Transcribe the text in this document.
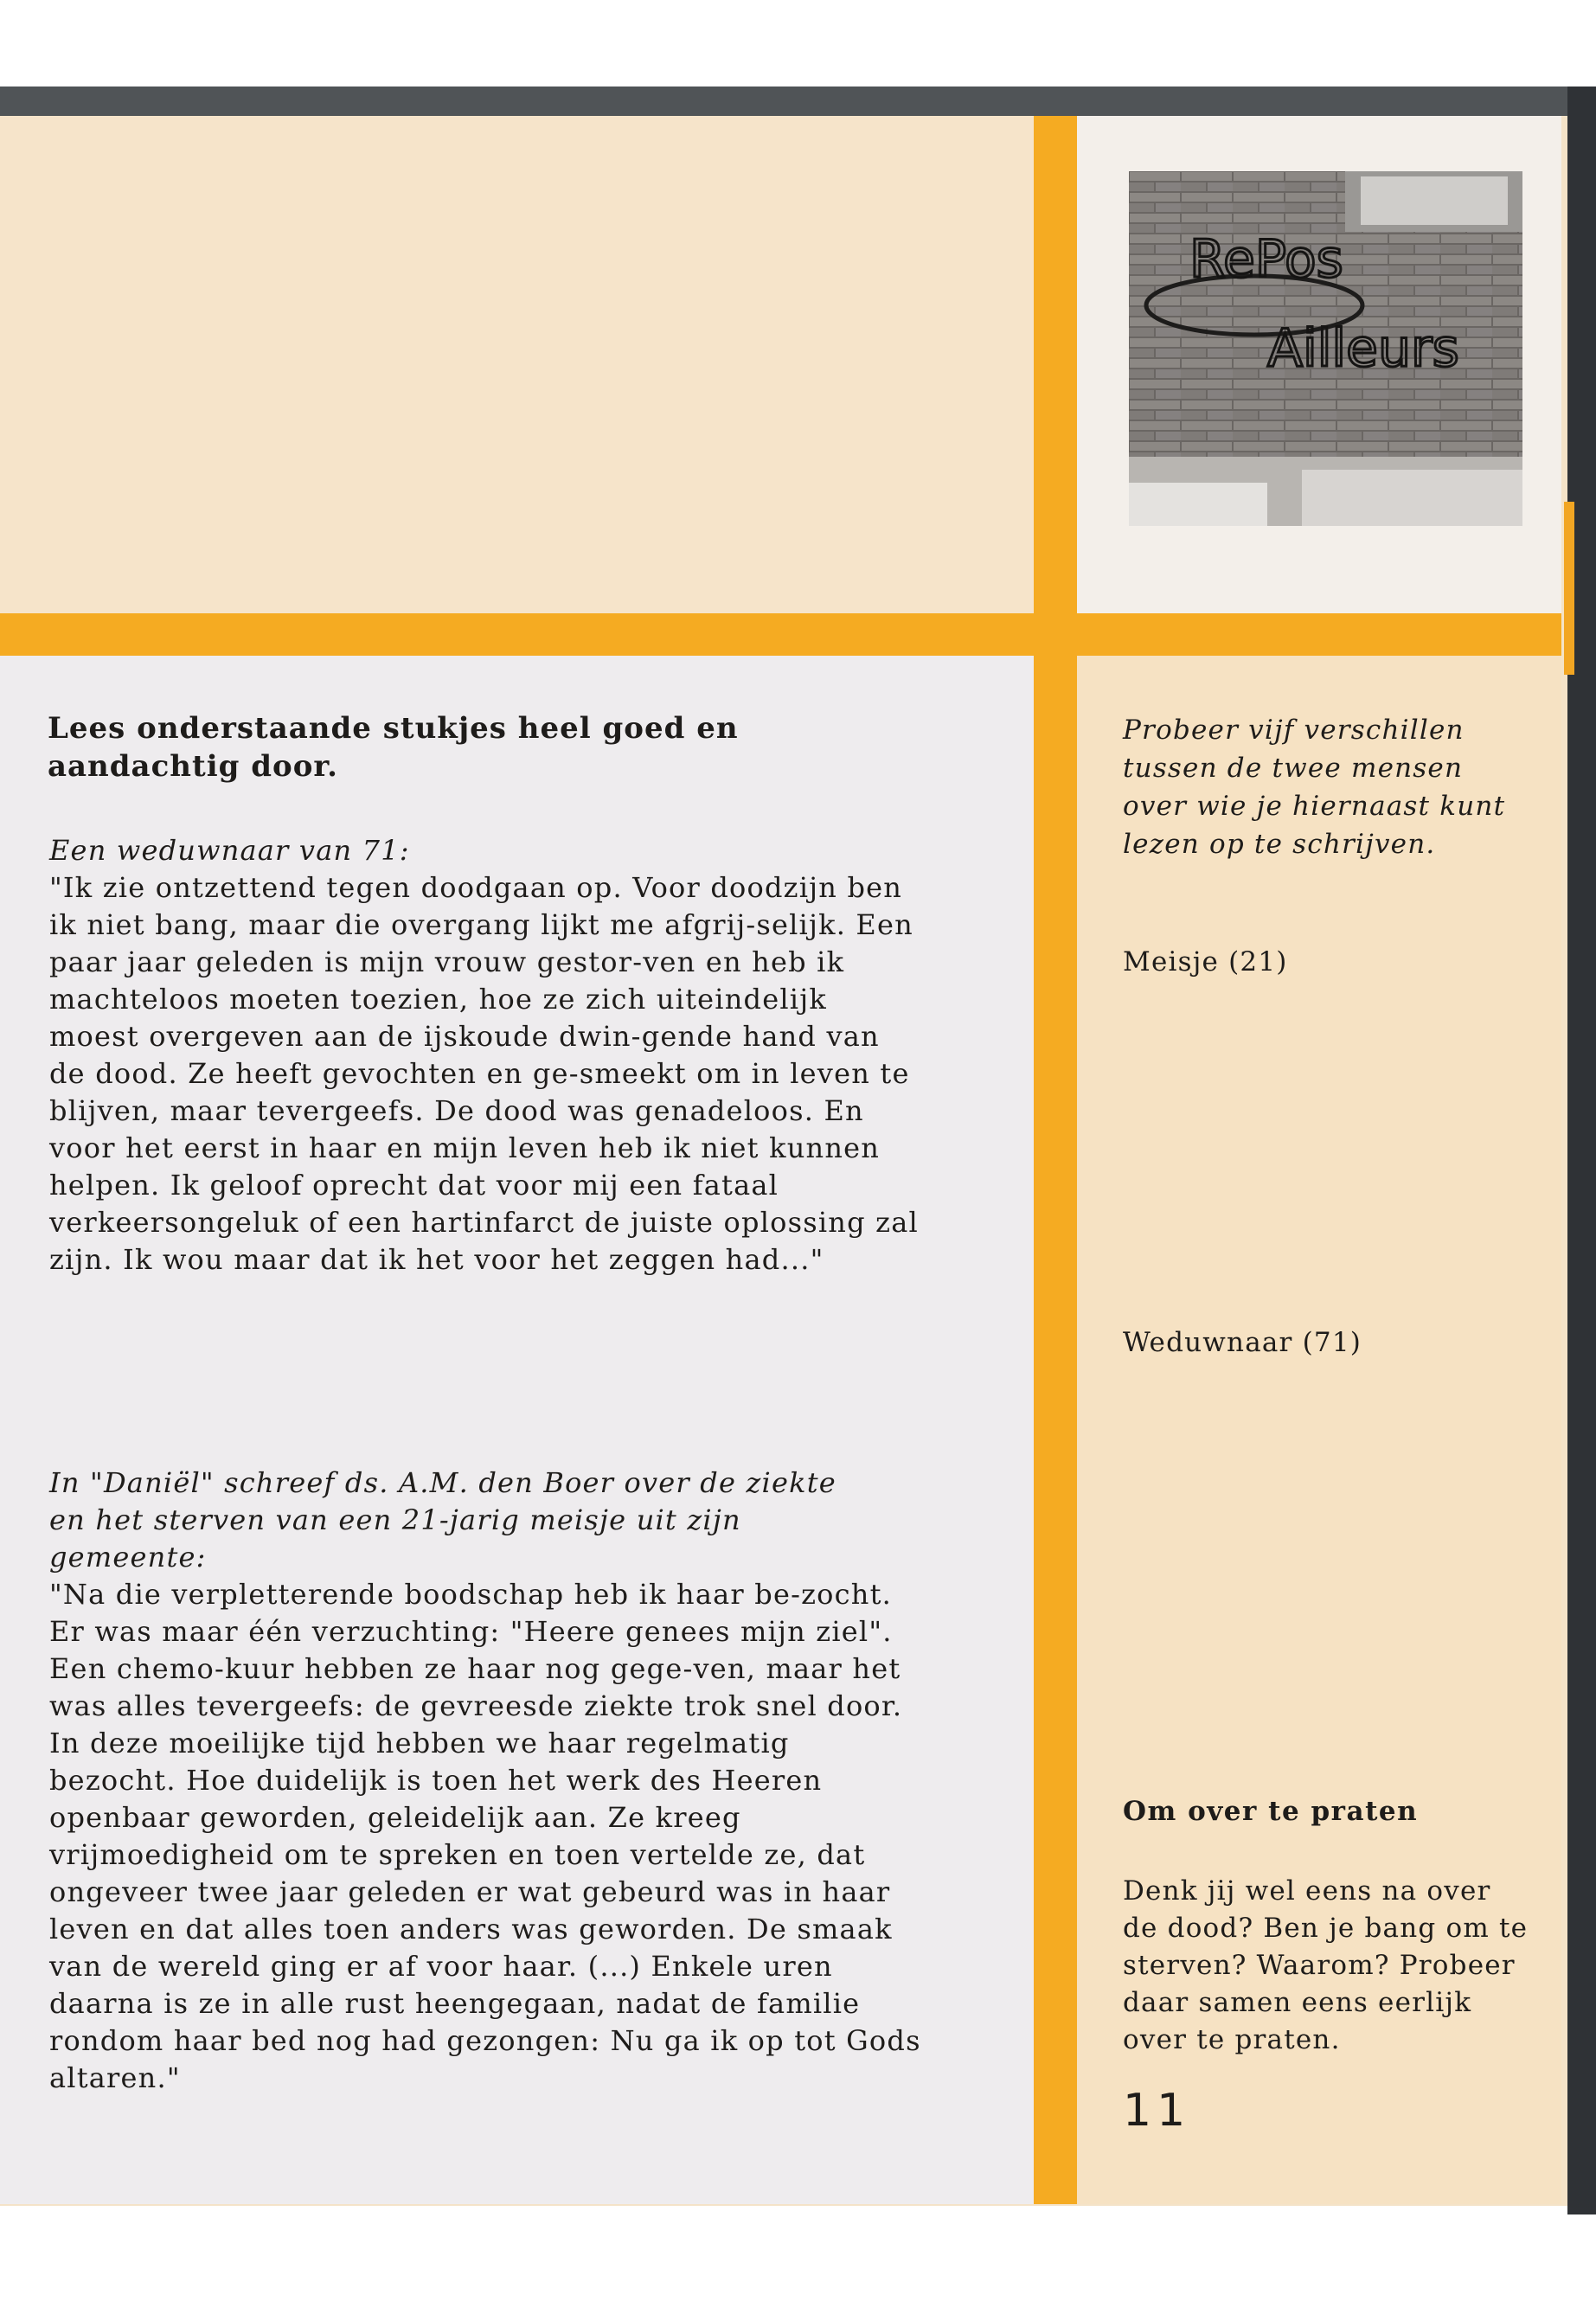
RePos
Ailleurs
Lees onderstaande stukjes heel goed en aandachtig door.
Een weduwnaar van 71:
"Ik zie ontzettend tegen doodgaan op. Voor doodzijn ben ik niet bang, maar die overgang lijkt me afgrij-selijk. Een paar jaar geleden is mijn vrouw gestor-ven en heb ik machteloos moeten toezien, hoe ze zich uiteindelijk moest overgeven aan de ijskoude dwin-gende hand van de dood. Ze heeft gevochten en ge-smeekt om in leven te blijven, maar tevergeefs. De dood was genadeloos. En voor het eerst in haar en mijn leven heb ik niet kunnen helpen. Ik geloof oprecht dat voor mij een fataal verkeersongeluk of een hartinfarct de juiste oplossing zal zijn. Ik wou maar dat ik het voor het zeggen had..."
In "Daniël" schreef ds. A.M. den Boer over de ziekte en het sterven van een 21-jarig meisje uit zijn gemeente:
"Na die verpletterende boodschap heb ik haar be-zocht. Er was maar één verzuchting: "Heere genees mijn ziel". Een chemo-kuur hebben ze haar nog gege-ven, maar het was alles tevergeefs: de gevreesde ziekte trok snel door. In deze moeilijke tijd hebben we haar regelmatig bezocht. Hoe duidelijk is toen het werk des Heeren openbaar geworden, geleidelijk aan. Ze kreeg vrijmoedigheid om te spreken en toen vertelde ze, dat ongeveer twee jaar geleden er wat gebeurd was in haar leven en dat alles toen anders was geworden. De smaak van de wereld ging er af voor haar. (...) Enkele uren daarna is ze in alle rust heengegaan, nadat de familie rondom haar bed nog had gezongen: Nu ga ik op tot Gods altaren."
Probeer vijf verschillen tussen de twee mensen over wie je hiernaast kunt lezen op te schrijven.
Meisje (21)
Weduwnaar (71)
Om over te praten
Denk jij wel eens na over de dood? Ben je bang om te sterven? Waarom? Probeer daar samen eens eerlijk over te praten.
11
